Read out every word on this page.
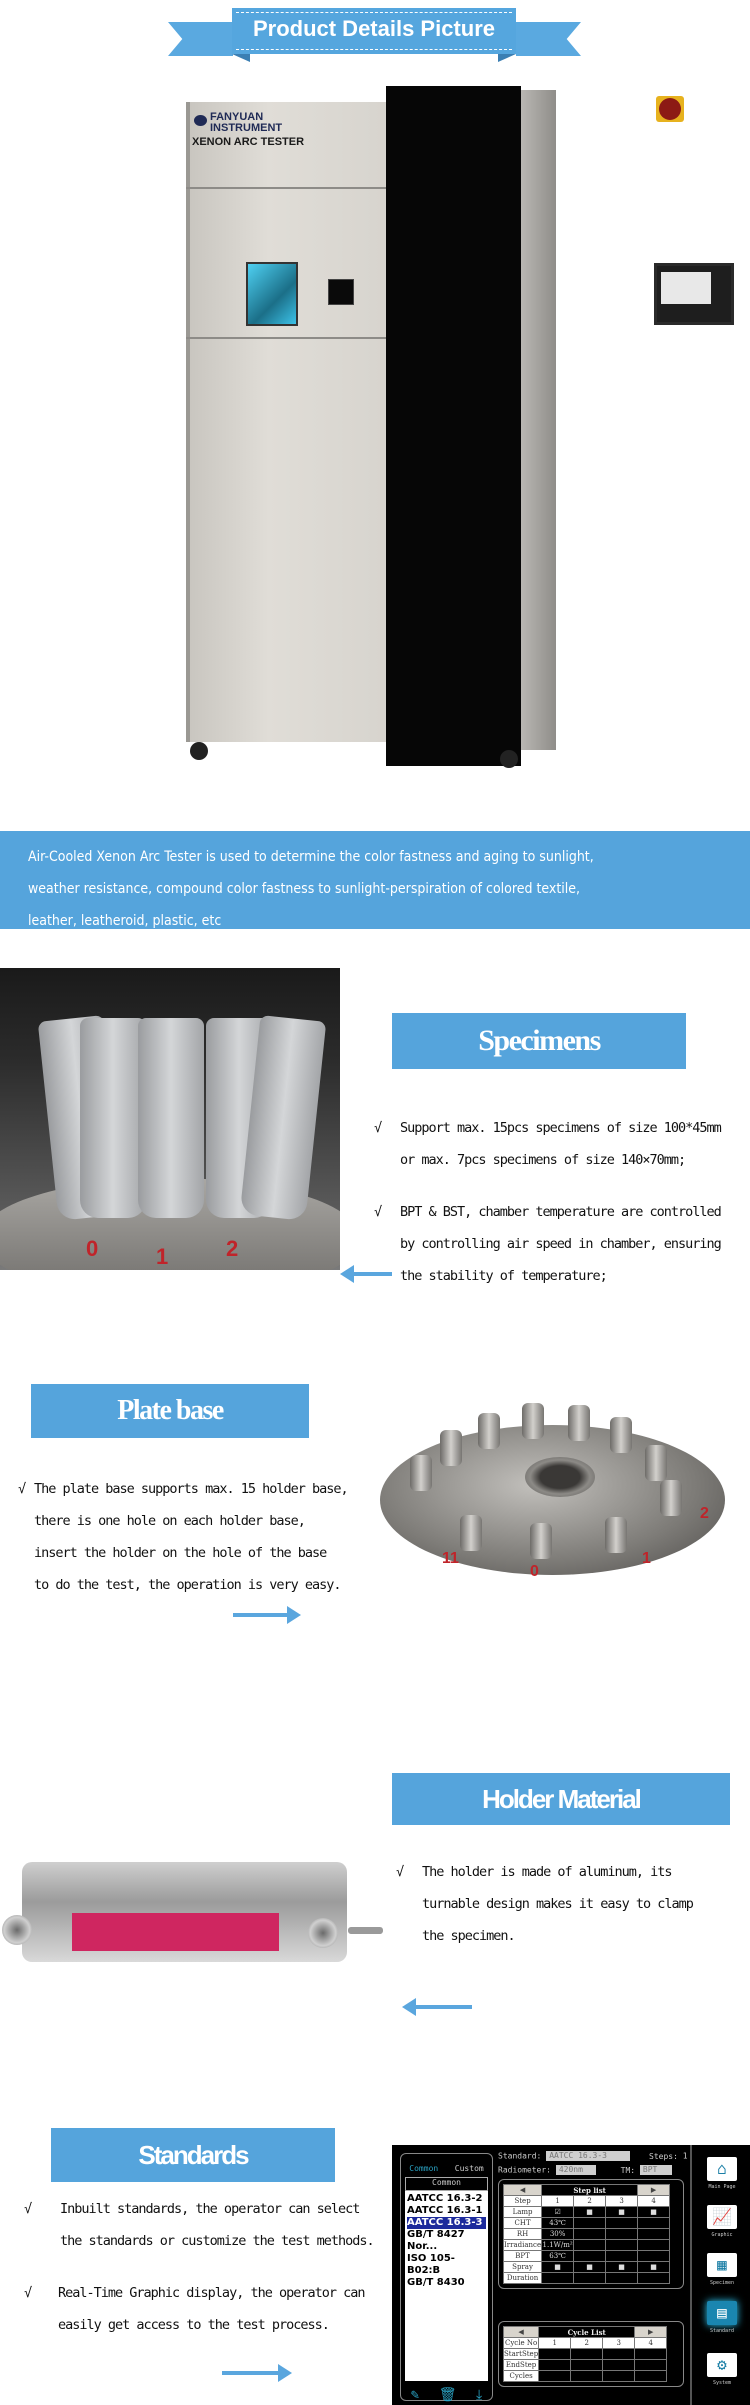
Product Details Picture
FANYUAN
INSTRUMENT
XENON ARC TESTER
Air-Cooled Xenon Arc Tester is used to determine the color fastness and aging to sunlight,
weather resistance, compound color fastness to sunlight-perspiration of colored textile,
leather, leatheroid, plastic, etc
0	1	2
Specimens
√	Support max. 15pcs specimens of size 100*45mm
or max. 7pcs specimens of size 140×70mm;
√	BPT & BST, chamber temperature are controlled
by controlling air speed in chamber, ensuring
the stability of temperature;
Plate base
√ The plate base supports max. 15 holder base,
there is one hole on each holder base,
insert the holder on the hole of the base
to do the test, the operation is very easy.
11
0
1
2
Holder Material
√	The holder is made of aluminum, its
turnable design makes it easy to clamp
the specimen.
Standards
√	Inbuilt standards, the operator can select
the standards or customize the test methods.
√	Real-Time Graphic display, the operator can
easily get access to the test process.
Common Custom
Common
AATCC 16.3-2
AATCC 16.3-1
AATCC 16.3-3
GB/T 8427 Nor...
ISO 105-B02:B
GB/T 8430
✎ 🗑 ⤓
Standard: AATCC 16.3-3	Steps: 1
Radiometer: 420nm	TM: BPT
◀	Step list			▶
Step	1	2	3	4
Lamp	☑	■	■	■
CHT	43℃			
RH	30%			
Irradiance	1.1W/m²			
BPT	63℃			
Spray	■	■	■	■
Duration				
◀	Cycle List			▶
Cycle No	1	2	3	4
StartStep				
EndStep				
Cycles				
⌂
Main Page
📈
Graphic
▦
Specimen
▤
Standard
⚙
System
